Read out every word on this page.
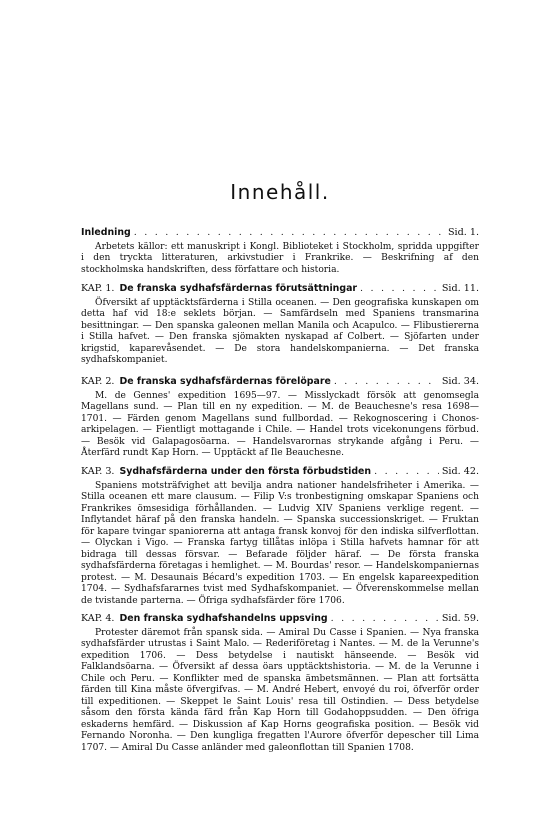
Innehåll.
Inledning . . .	Sid. 1.
Arbetets källor: ett manuskript i Kongl. Biblioteket i Stockholm, spridda uppgifter i den tryckta litteraturen, arkivstudier i Frankrike. — Beskrifning af den stockholmska handskriften, dess författare och historia.
KAP. 1. De franska sydhafsfärdernas förutsättningar . . .	Sid. 11.
Öfversikt af upptäcktsfärderna i Stilla oceanen. — Den geografiska kunskapen om detta haf vid 18:e seklets början. — Samfärdseln med Spaniens transmarina besittningar. — Den spanska galeonen mellan Manila och Acapulco. — Flibustiererna i Stilla hafvet. — Den franska sjömakten nyskapad af Colbert. — Sjöfarten under krigstid, kaparevåsendet. — De stora handelskompanierna. — Det franska sydhafskompaniet.
KAP. 2. De franska sydhafsfärdernas förelöpare . . .	Sid. 34.
M. de Gennes' expedition 1695—97. — Misslyckadt försök att genomsegla Magellans sund. — Plan till en ny expedition. — M. de Beauchesne's resa 1698—1701. — Färden genom Magellans sund fullbordad. — Rekognoscering i Chonos-arkipelagen. — Fientligt mottagande i Chile. — Handel trots vicekonungens förbud. — Besök vid Galapagosöarna. — Handelsvarornas strykande afgång i Peru. — Återfärd rundt Kap Horn. — Upptäckt af Ile Beauchesne.
KAP. 3. Sydhafsfärderna under den första förbudstiden . . .	Sid. 42.
Spaniens motsträfvighet att bevilja andra nationer handelsfriheter i Amerika. — Stilla oceanen ett mare clausum. — Filip V:s tronbestigning omskapar Spaniens och Frankrikes ömsesidiga förhållanden. — Ludvig XIV Spaniens verklige regent. — Inflytandet häraf på den franska handeln. — Spanska successionskriget. — Fruktan för kapare tvingar spaniorerna att antaga fransk konvoj för den indiska silfverflottan. — Olyckan i Vigo. — Franska fartyg tillåtas inlöpa i Stilla hafvets hamnar för att bidraga till dessas försvar. — Befarade följder häraf. — De första franska sydhafsfärderna företagas i hemlighet. — M. Bourdas' resor. — Handelskompaniernas protest. — M. Desaunais Bécard's expedition 1703. — En engelsk kapareexpedition 1704. — Sydhafsfararnes tvist med Sydhafskompaniet. — Öfverenskommelse mellan de tvistande parterna. — Öfriga sydhafsfärder före 1706.
KAP. 4. Den franska sydhafshandelns uppsving . . .	Sid. 59.
Protester däremot från spansk sida. — Amiral Du Casse i Spanien. — Nya franska sydhafsfärder utrustas i Saint Malo. — Rederiföretag i Nantes. — M. de la Verunne's expedition 1706. — Dess betydelse i nautiskt hänseende. — Besök vid Falklandsöarna. — Öfversikt af dessa öars upptäcktshistoria. — M. de la Verunne i Chile och Peru. — Konflikter med de spanska ämbetsmännen. — Plan att fortsätta färden till Kina måste öfvergifvas. — M. André Hebert, envoyé du roi, öfverför order till expeditionen. — Skeppet le Saint Louis' resa till Ostindien. — Dess betydelse såsom den första kända färd från Kap Horn till Godahoppsudden. — Den öfriga eskaderns hemfärd. — Diskussion af Kap Horns geografiska position. — Besök vid Fernando Noronha. — Den kungliga fregatten l'Aurore öfverför depescher till Lima 1707. — Amiral Du Casse anländer med galeonflottan till Spanien 1708.
